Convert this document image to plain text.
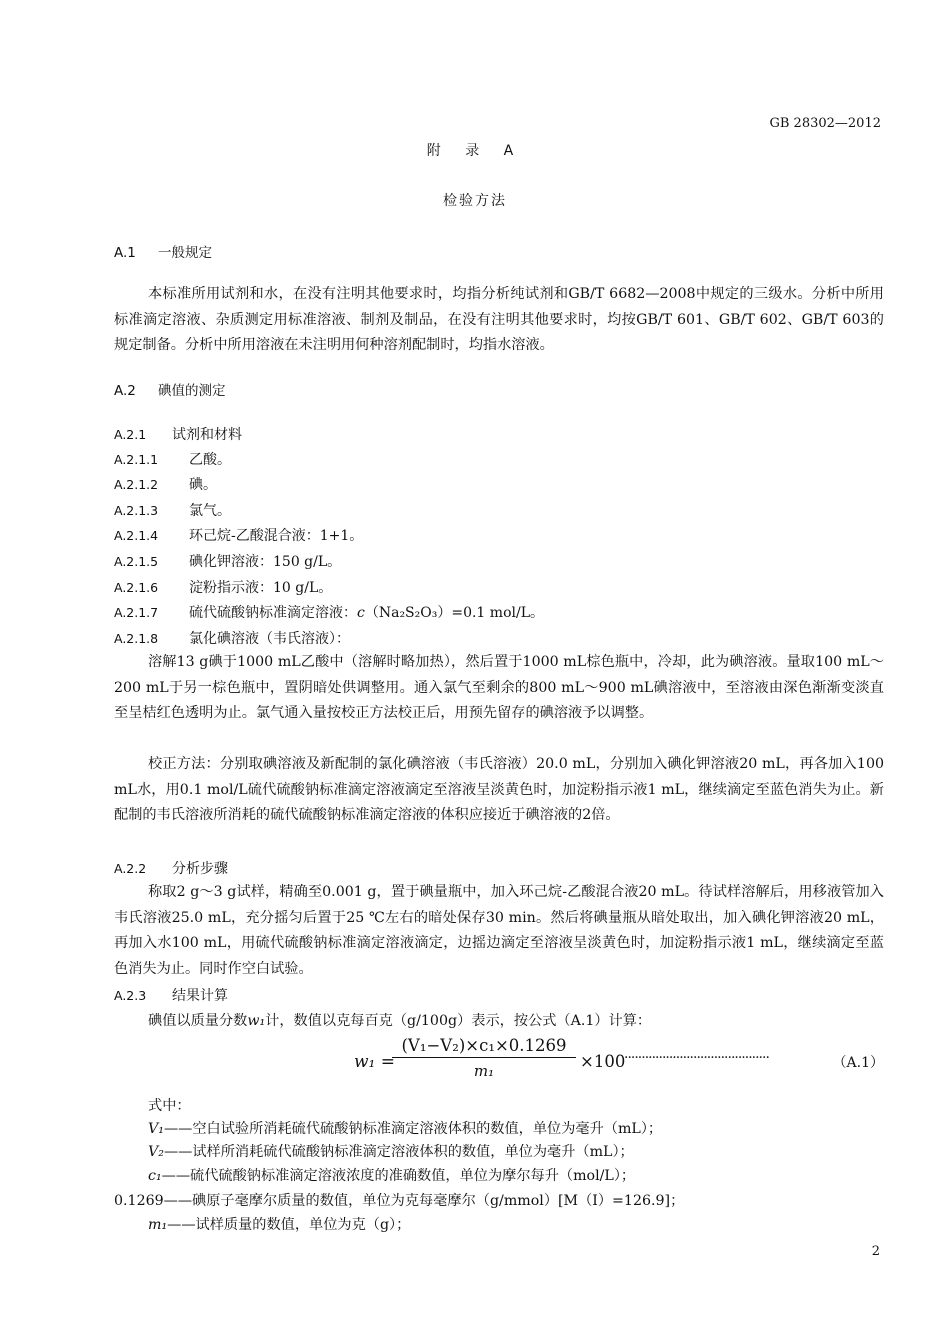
GB 28302—2012
附 录 A
检验方法
A.1 一般规定
本标准所用试剂和水，在没有注明其他要求时，均指分析纯试剂和GB/T 6682—2008中规定的三级水。分析中所用标准滴定溶液、杂质测定用标准溶液、制剂及制品，在没有注明其他要求时，均按GB/T 601、GB/T 602、GB/T 603的规定制备。分析中所用溶液在未注明用何种溶剂配制时，均指水溶液。
A.2 碘值的测定
A.2.1 试剂和材料
A.2.1.1 乙酸。
A.2.1.2 碘。
A.2.1.3 氯气。
A.2.1.4 环己烷-乙酸混合液：1+1。
A.2.1.5 碘化钾溶液：150 g/L。
A.2.1.6 淀粉指示液：10 g/L。
A.2.1.7 硫代硫酸钠标准滴定溶液：c（Na₂S₂O₃）=0.1 mol/L。
A.2.1.8 氯化碘溶液（韦氏溶液）：
溶解13 g碘于1000 mL乙酸中（溶解时略加热），然后置于1000 mL棕色瓶中，冷却，此为碘溶液。量取100 mL～200 mL于另一棕色瓶中，置阴暗处供调整用。通入氯气至剩余的800 mL～900 mL碘溶液中，至溶液由深色渐渐变淡直至呈桔红色透明为止。氯气通入量按校正方法校正后，用预先留存的碘溶液予以调整。
校正方法：分别取碘溶液及新配制的氯化碘溶液（韦氏溶液）20.0 mL，分别加入碘化钾溶液20 mL，再各加入100 mL水，用0.1 mol/L硫代硫酸钠标准滴定溶液滴定至溶液呈淡黄色时，加淀粉指示液1 mL，继续滴定至蓝色消失为止。新配制的韦氏溶液所消耗的硫代硫酸钠标准滴定溶液的体积应接近于碘溶液的2倍。
A.2.2 分析步骤
称取2 g～3 g试样，精确至0.001 g，置于碘量瓶中，加入环己烷-乙酸混合液20 mL。待试样溶解后，用移液管加入韦氏溶液25.0 mL，充分摇匀后置于25 ℃左右的暗处保存30 min。然后将碘量瓶从暗处取出，加入碘化钾溶液20 mL，再加入水100 mL，用硫代硫酸钠标准滴定溶液滴定，边摇边滴定至溶液呈淡黄色时，加淀粉指示液1 mL，继续滴定至蓝色消失为止。同时作空白试验。
A.2.3 结果计算
碘值以质量分数w₁计，数值以克每百克（g/100g）表示，按公式（A.1）计算：
w₁ =
(V₁−V₂)×c₁×0.1269
m₁	×100
··········································	（A.1）
式中：
V₁——空白试验所消耗硫代硫酸钠标准滴定溶液体积的数值，单位为毫升（mL）；
V₂——试样所消耗硫代硫酸钠标准滴定溶液体积的数值，单位为毫升（mL）；
c₁——硫代硫酸钠标准滴定溶液浓度的准确数值，单位为摩尔每升（mol/L）；
0.1269——碘原子毫摩尔质量的数值，单位为克每毫摩尔（g/mmol）[M（I）=126.9]；
m₁——试样质量的数值，单位为克（g）；
2
